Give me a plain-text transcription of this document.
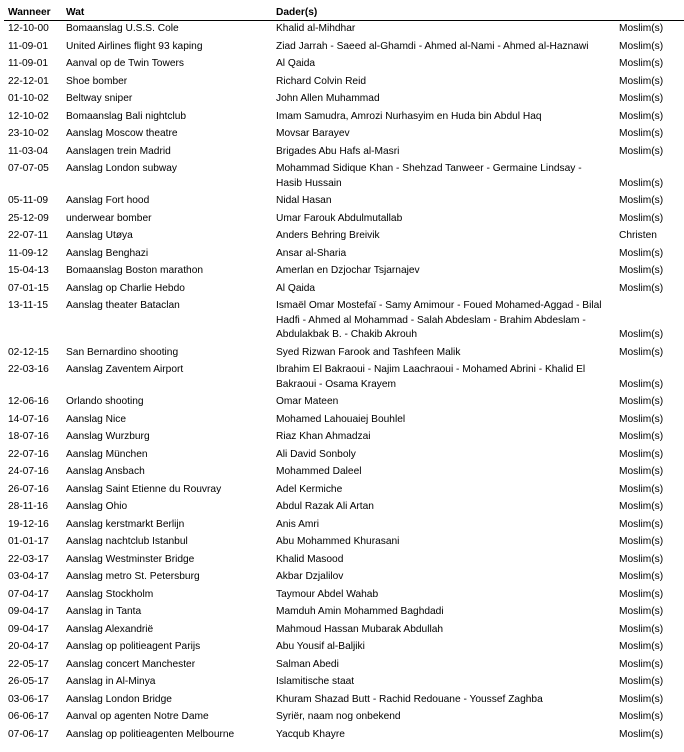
Wanneer	Wat	Dader(s)	
12-10-00	Bomaanslag U.S.S. Cole	Khalid al-Mihdhar	Moslim(s)
11-09-01	United Airlines flight 93 kaping	Ziad Jarrah - Saeed al-Ghamdi - Ahmed al-Nami - Ahmed al-Haznawi	Moslim(s)
11-09-01	Aanval op de Twin Towers	Al Qaida	Moslim(s)
22-12-01	Shoe bomber	Richard Colvin Reid	Moslim(s)
01-10-02	Beltway sniper	John Allen Muhammad	Moslim(s)
12-10-02	Bomaanslag Bali nightclub	Imam Samudra, Amrozi Nurhasyim en Huda bin Abdul Haq	Moslim(s)
23-10-02	Aanslag Moscow theatre	Movsar Barayev	Moslim(s)
11-03-04	Aanslagen trein Madrid	Brigades Abu Hafs al-Masri	Moslim(s)
07-07-05	Aanslag London subway	Mohammad Sidique Khan - Shehzad Tanweer - Germaine Lindsay - Hasib Hussain	Moslim(s)
05-11-09	Aanslag Fort hood	Nidal Hasan	Moslim(s)
25-12-09	underwear bomber	Umar Farouk Abdulmutallab	Moslim(s)
22-07-11	Aanslag Utøya	Anders Behring Breivik	Christen
11-09-12	Aanslag Benghazi	Ansar al-Sharia	Moslim(s)
15-04-13	Bomaanslag Boston marathon	Amerlan en Dzjochar Tsjarnajev	Moslim(s)
07-01-15	Aanslag op Charlie Hebdo	Al Qaida	Moslim(s)
13-11-15	Aanslag theater Bataclan	Ismaël Omar Mostefaï - Samy Amimour - Foued Mohamed-Aggad - Bilal Hadfi - Ahmed al Mohammad - Salah Abdeslam - Brahim Abdeslam - Abdulakbak B. - Chakib Akrouh	Moslim(s)
02-12-15	San Bernardino shooting	Syed Rizwan Farook and Tashfeen Malik	Moslim(s)
22-03-16	Aanslag Zaventem Airport	Ibrahim El Bakraoui - Najim Laachraoui - Mohamed Abrini - Khalid El Bakraoui - Osama Krayem	Moslim(s)
12-06-16	Orlando shooting	Omar Mateen	Moslim(s)
14-07-16	Aanslag Nice	Mohamed Lahouaiej Bouhlel	Moslim(s)
18-07-16	Aanslag Wurzburg	Riaz Khan Ahmadzai	Moslim(s)
22-07-16	Aanslag München	Ali David Sonboly	Moslim(s)
24-07-16	Aanslag Ansbach	Mohammed Daleel	Moslim(s)
26-07-16	Aanslag Saint Etienne du Rouvray	Adel Kermiche	Moslim(s)
28-11-16	Aanslag Ohio	Abdul Razak Ali Artan	Moslim(s)
19-12-16	Aanslag kerstmarkt Berlijn	Anis Amri	Moslim(s)
01-01-17	Aanslag nachtclub Istanbul	Abu Mohammed Khurasani	Moslim(s)
22-03-17	Aanslag Westminster Bridge	Khalid Masood	Moslim(s)
03-04-17	Aanslag metro St. Petersburg	Akbar Dzjalilov	Moslim(s)
07-04-17	Aanslag Stockholm	Taymour Abdel Wahab	Moslim(s)
09-04-17	Aanslag in Tanta	Mamduh Amin Mohammed Baghdadi	Moslim(s)
09-04-17	Aanslag Alexandrië	Mahmoud Hassan Mubarak Abdullah	Moslim(s)
20-04-17	Aanslag op politieagent Parijs	Abu Yousif al-Baljiki	Moslim(s)
22-05-17	Aanslag concert Manchester	Salman Abedi	Moslim(s)
26-05-17	Aanslag in Al-Minya	Islamitische staat	Moslim(s)
03-06-17	Aanslag London Bridge	Khuram Shazad Butt - Rachid Redouane - Youssef Zaghba	Moslim(s)
06-06-17	Aanval op agenten Notre Dame	Syriër, naam nog onbekend	Moslim(s)
07-06-17	Aanslag op politieagenten Melbourne	Yacqub Khayre	Moslim(s)
